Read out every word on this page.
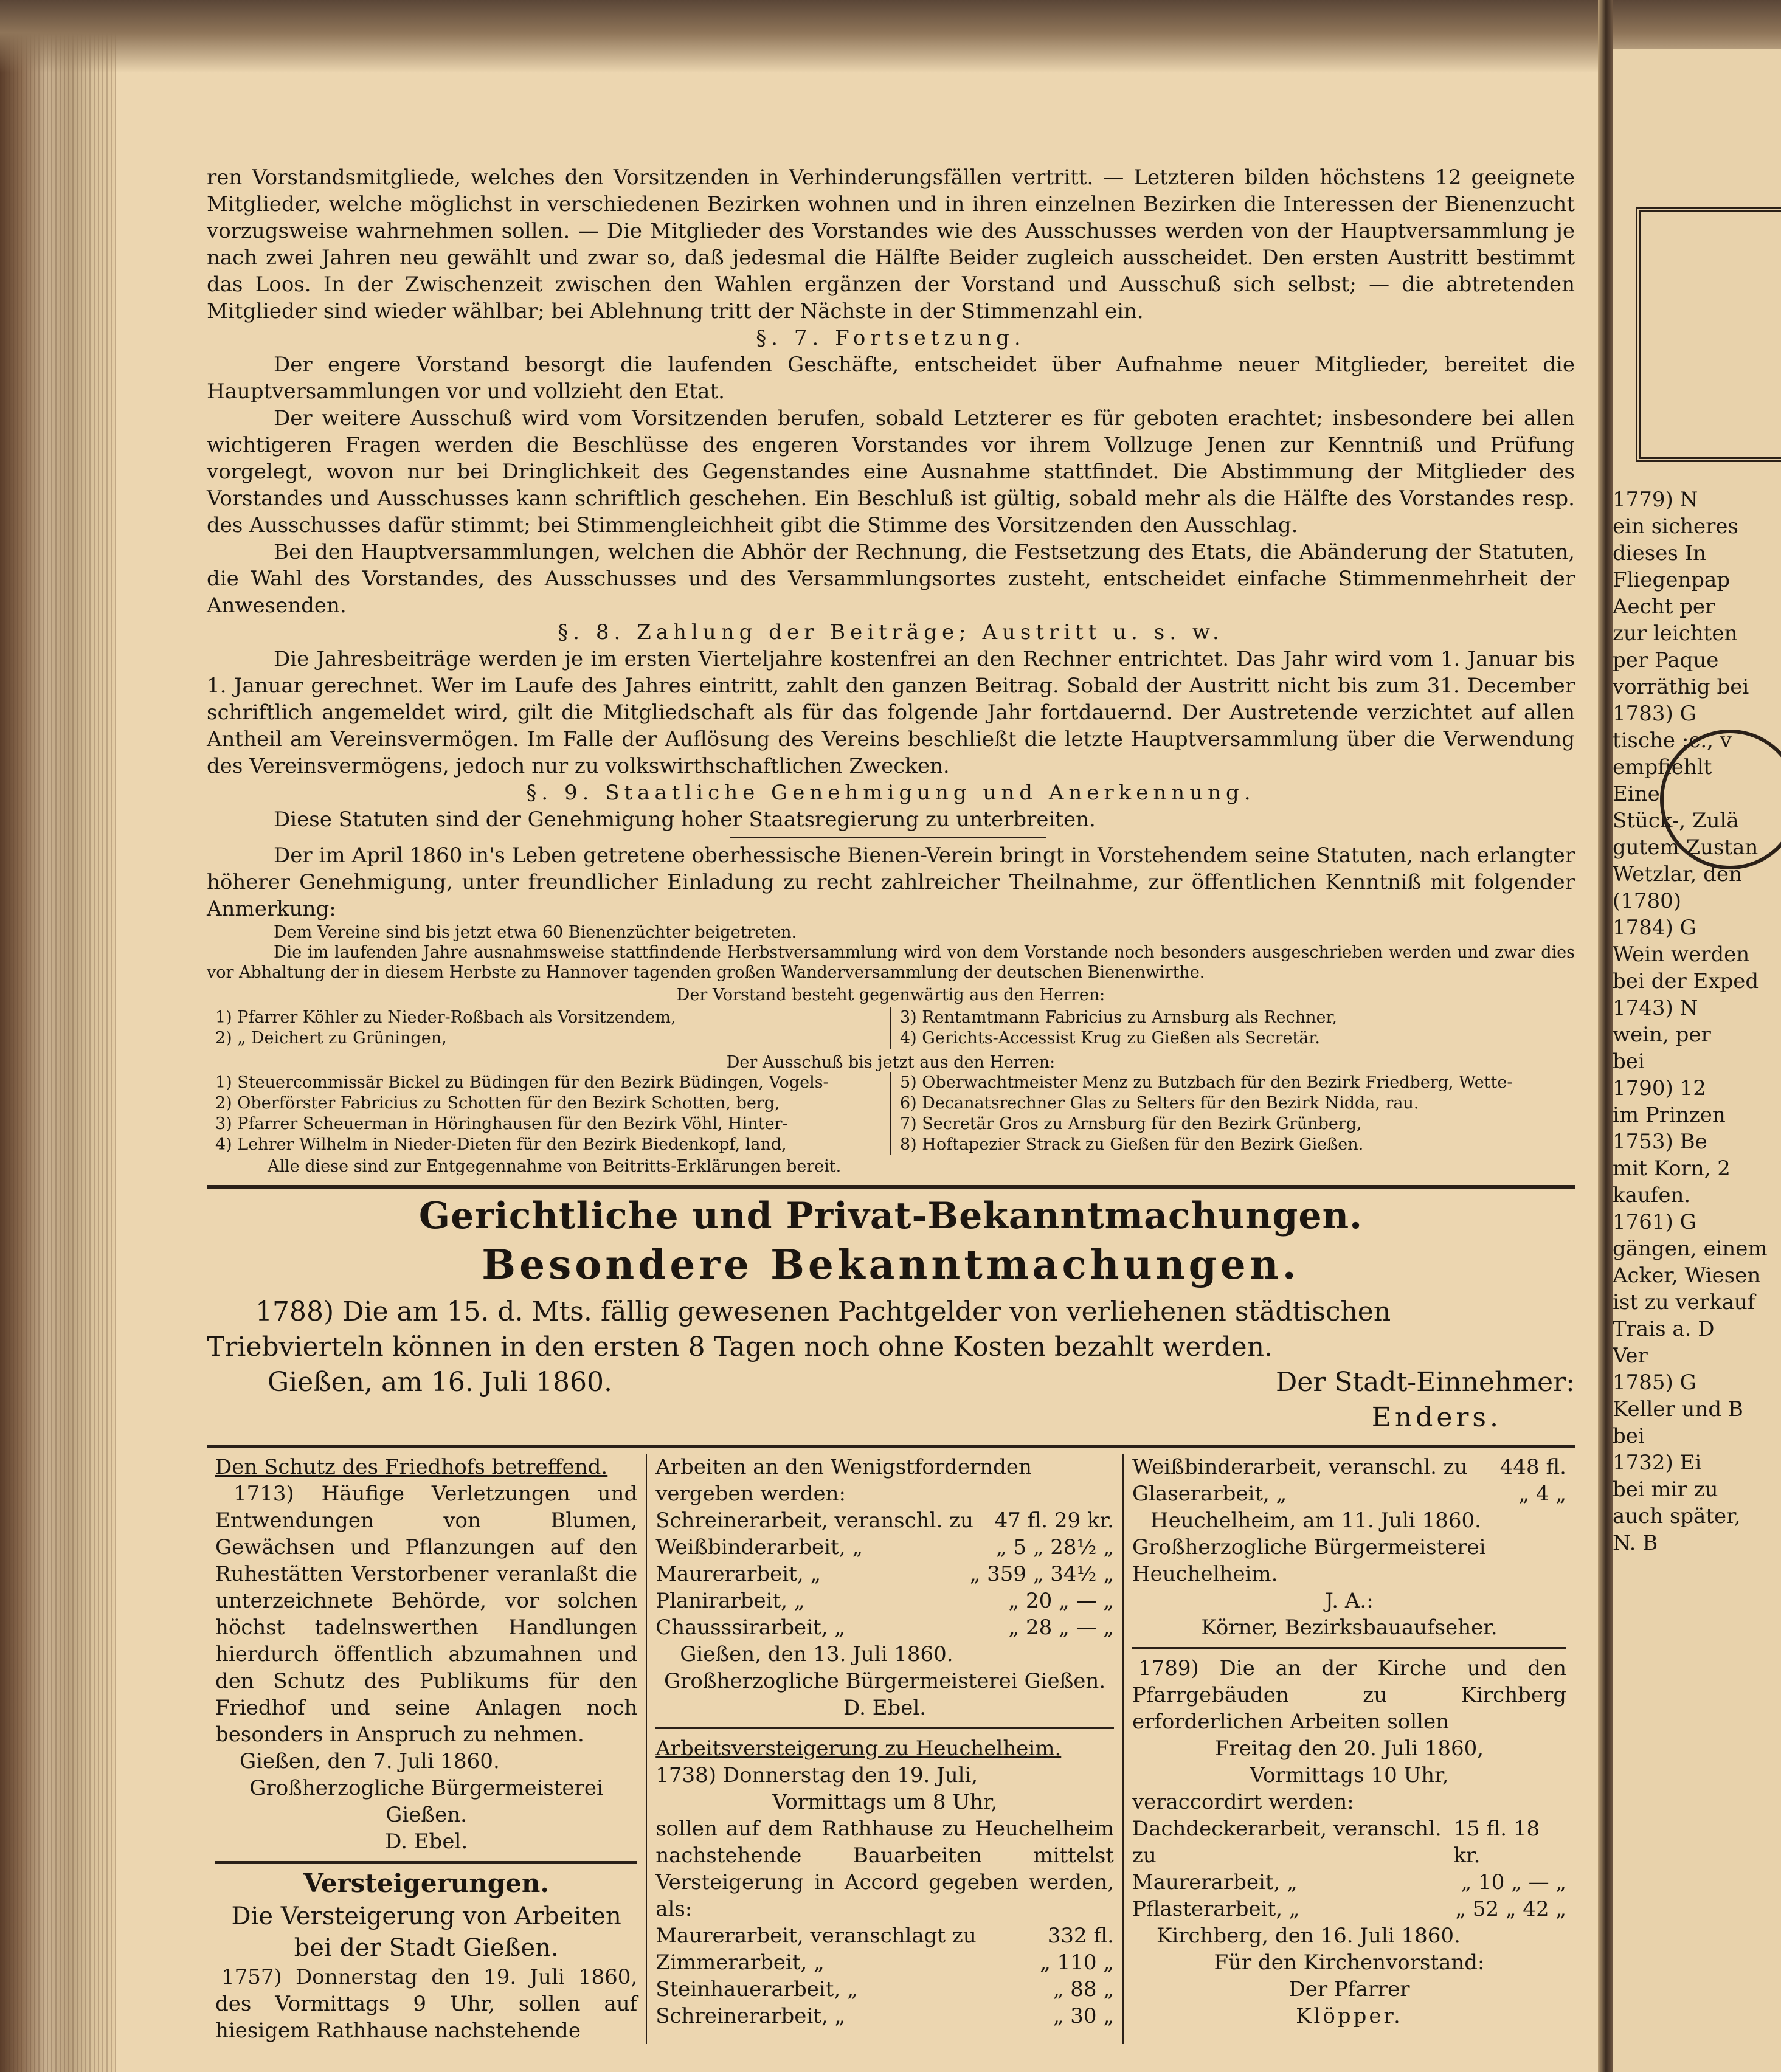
1779) N

ein sicheres

dieses In

Fliegenpap

Aecht per

zur leichten

per Paque

vorräthig bei

1783) G

tische :c., v

empfiehlt

Eine

Stück-, Zulä

gutem Zustan

Wetzlar, den

(1780)

1784) G

Wein werden

bei der Exped

1743) N

wein, per

bei

1790) 12

im Prinzen

1753) Be

mit Korn, 2

kaufen.

1761) G

gängen, einem

Acker, Wiesen

ist zu verkauf

Trais a. D

Ver

1785) G

Keller und B

bei

1732) Ei

bei mir zu

auch später,

N. B

ren Vorstandsmitgliede, welches den Vorsitzenden in Verhinderungsfällen vertritt. — Letzteren bilden höchstens 12 geeignete Mitglieder, welche möglichst in verschiedenen Bezirken wohnen und in ihren einzelnen Bezirken die Interessen der Bienenzucht vorzugsweise wahrnehmen sollen. — Die Mitglieder des Vorstandes wie des Ausschusses werden von der Hauptversammlung je nach zwei Jahren neu gewählt und zwar so, daß jedesmal die Hälfte Beider zugleich ausscheidet. Den ersten Austritt bestimmt das Loos. In der Zwischenzeit zwischen den Wahlen ergänzen der Vorstand und Ausschuß sich selbst; — die abtretenden Mitglieder sind wieder wählbar; bei Ablehnung tritt der Nächste in der Stimmenzahl ein.

§. 7. Fortsetzung.

Der engere Vorstand besorgt die laufenden Geschäfte, entscheidet über Aufnahme neuer Mitglieder, bereitet die Hauptversammlungen vor und vollzieht den Etat.

Der weitere Ausschuß wird vom Vorsitzenden berufen, sobald Letzterer es für geboten erachtet; insbesondere bei allen wichtigeren Fragen werden die Beschlüsse des engeren Vorstandes vor ihrem Vollzuge Jenen zur Kenntniß und Prüfung vorgelegt, wovon nur bei Dringlichkeit des Gegenstandes eine Ausnahme stattfindet. Die Abstimmung der Mitglieder des Vorstandes und Ausschusses kann schriftlich geschehen. Ein Beschluß ist gültig, sobald mehr als die Hälfte des Vorstandes resp. des Ausschusses dafür stimmt; bei Stimmengleichheit gibt die Stimme des Vorsitzenden den Ausschlag.

Bei den Hauptversammlungen, welchen die Abhör der Rechnung, die Festsetzung des Etats, die Abänderung der Statuten, die Wahl des Vorstandes, des Ausschusses und des Versammlungsortes zusteht, entscheidet einfache Stimmenmehrheit der Anwesenden.

§. 8. Zahlung der Beiträge; Austritt u. s. w.

Die Jahresbeiträge werden je im ersten Vierteljahre kostenfrei an den Rechner entrichtet. Das Jahr wird vom 1. Januar bis 1. Januar gerechnet. Wer im Laufe des Jahres eintritt, zahlt den ganzen Beitrag. Sobald der Austritt nicht bis zum 31. December schriftlich angemeldet wird, gilt die Mitgliedschaft als für das folgende Jahr fortdauernd. Der Austretende verzichtet auf allen Antheil am Vereinsvermögen. Im Falle der Auflösung des Vereins beschließt die letzte Hauptversammlung über die Verwendung des Vereinsvermögens, jedoch nur zu volkswirthschaftlichen Zwecken.

§. 9. Staatliche Genehmigung und Anerkennung.

Diese Statuten sind der Genehmigung hoher Staatsregierung zu unterbreiten.

Der im April 1860 in's Leben getretene oberhessische Bienen-Verein bringt in Vorstehendem seine Statuten, nach erlangter höherer Genehmigung, unter freundlicher Einladung zu recht zahlreicher Theilnahme, zur öffentlichen Kenntniß mit folgender Anmerkung:

Dem Vereine sind bis jetzt etwa 60 Bienenzüchter beigetreten.

Die im laufenden Jahre ausnahmsweise stattfindende Herbstversammlung wird von dem Vorstande noch besonders ausgeschrieben werden und zwar dies vor Abhaltung der in diesem Herbste zu Hannover tagenden großen Wanderversammlung der deutschen Bienenwirthe.

Der Vorstand besteht gegenwärtig aus den Herren:

1) Pfarrer Köhler zu Nieder-Roßbach als Vorsitzendem,
2) „ Deichert zu Grüningen,
3) Rentamtmann Fabricius zu Arnsburg als Rechner,
4) Gerichts-Accessist Krug zu Gießen als Secretär.

Der Ausschuß bis jetzt aus den Herren:

1) Steuercommissär Bickel zu Büdingen für den Bezirk Büdingen, Vogels-
2) Oberförster Fabricius zu Schotten für den Bezirk Schotten, berg,
3) Pfarrer Scheuerman in Höringhausen für den Bezirk Vöhl, Hinter-
4) Lehrer Wilhelm in Nieder-Dieten für den Bezirk Biedenkopf, land,
5) Oberwachtmeister Menz zu Butzbach für den Bezirk Friedberg, Wette-
6) Decanatsrechner Glas zu Selters für den Bezirk Nidda, rau.
7) Secretär Gros zu Arnsburg für den Bezirk Grünberg,
8) Hoftapezier Strack zu Gießen für den Bezirk Gießen.

Alle diese sind zur Entgegennahme von Beitritts-Erklärungen bereit.

Gerichtliche und Privat-Bekanntmachungen.
Besondere Bekanntmachungen.

1788) Die am 15. d. Mts. fällig gewesenen Pachtgelder von verliehenen städtischen Triebvierteln können in den ersten 8 Tagen noch ohne Kosten bezahlt werden.

Gießen, am 16. Juli 1860.	Der Stadt-Einnehmer:
Enders.

Den Schutz des Friedhofs betreffend.

1713) Häufige Verletzungen und Entwendungen von Blumen, Gewächsen und Pflanzungen auf den Ruhestätten Verstorbener veranlaßt die unterzeichnete Behörde, vor solchen höchst tadelnswerthen Handlungen hierdurch öffentlich abzumahnen und den Schutz des Publikums für den Friedhof und seine Anlagen noch besonders in Anspruch zu nehmen.

Gießen, den 7. Juli 1860.

Großherzogliche Bürgermeisterei Gießen.

D. Ebel.

Versteigerungen.

Die Versteigerung von Arbeiten bei der Stadt Gießen.

1757) Donnerstag den 19. Juli 1860, des Vormittags 9 Uhr, sollen auf hiesigem Rathhause nachstehende

Arbeiten an den Wenigstfordernden vergeben werden:

Schreinerarbeit, veranschl. zu 47 fl. 29 kr.
Weißbinderarbeit, „	„ 5 „ 28½ „
Maurerarbeit, „	„ 359 „ 34½ „
Planirarbeit, „	„ 20 „ — „
Chausssirarbeit, „	„ 28 „ — „

Gießen, den 13. Juli 1860.

Großherzogliche Bürgermeisterei Gießen.

D. Ebel.

Arbeitsversteigerung zu Heuchelheim.

1738) Donnerstag den 19. Juli,

Vormittags um 8 Uhr,

sollen auf dem Rathhause zu Heuchelheim nachstehende Bauarbeiten mittelst Versteigerung in Accord gegeben werden, als:

Maurerarbeit, veranschlagt zu	332 fl.
Zimmerarbeit, „	„ 110 „
Steinhauerarbeit, „	„ 88 „
Schreinerarbeit, „	„ 30 „
Weißbinderarbeit, veranschl. zu 448 fl.
Glaserarbeit, „	„ 4 „

Heuchelheim, am 11. Juli 1860.

Großherzogliche Bürgermeisterei Heuchelheim.

J. A.:

Körner, Bezirksbauaufseher.

1789) Die an der Kirche und den Pfarrgebäuden zu Kirchberg erforderlichen Arbeiten sollen

Freitag den 20. Juli 1860,

Vormittags 10 Uhr,

veraccordirt werden:

Dachdeckerarbeit, veranschl. zu
15 fl. 18 kr.
Maurerarbeit, „	„ 10 „ — „
Pflasterarbeit, „	„ 52 „ 42 „

Kirchberg, den 16. Juli 1860.

Für den Kirchenvorstand:

Der Pfarrer

Klöpper.
